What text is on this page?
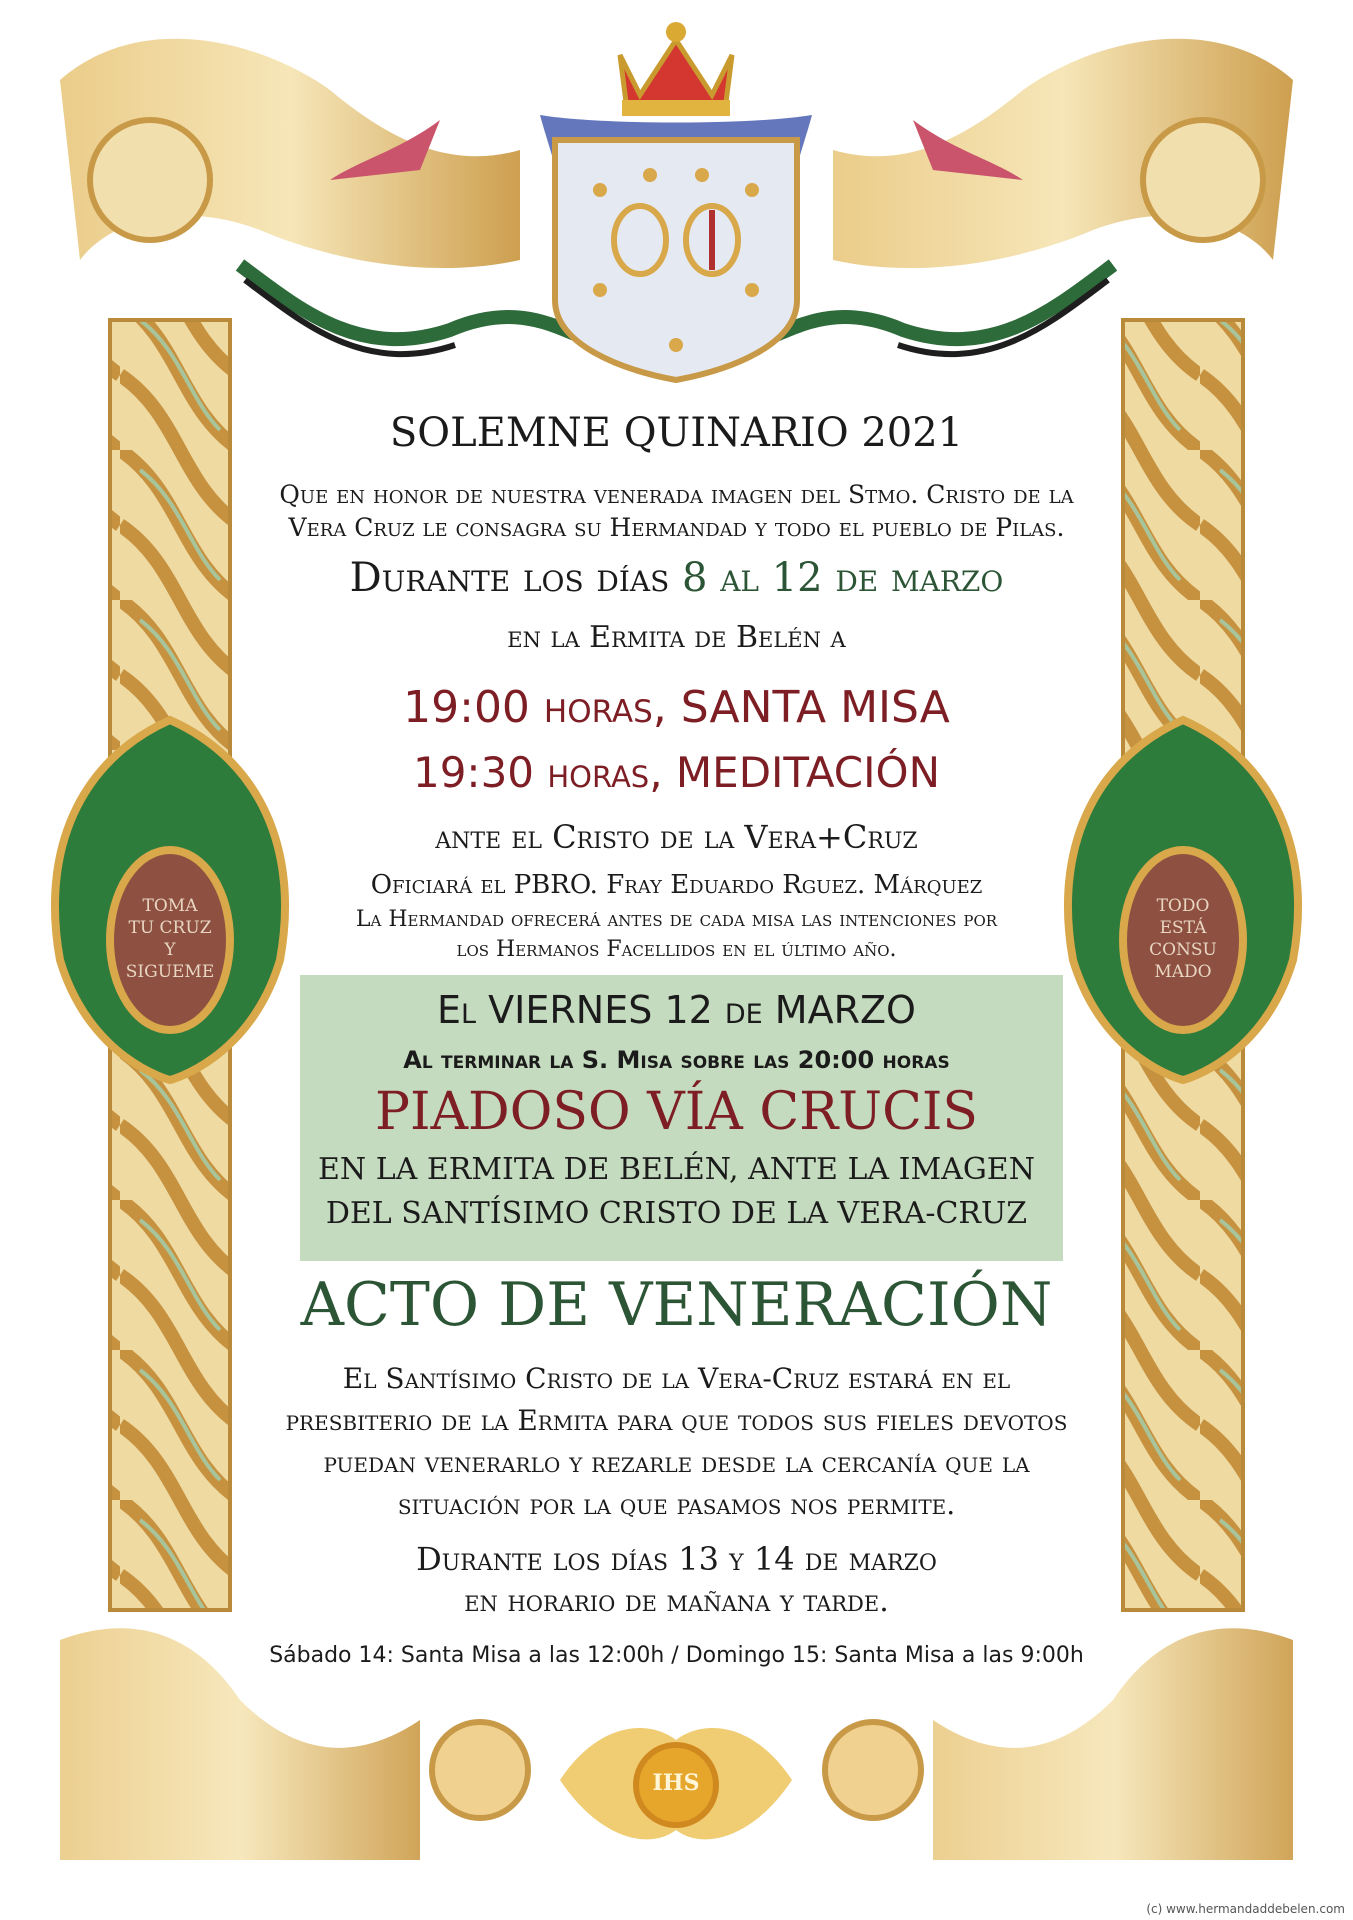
TOMA
TU CRUZ
Y
SIGUEME
TODO
ESTÁ
CONSU
MADO
IHS
SOLEMNE QUINARIO 2021
Que en honor de nuestra venerada imagen del Stmo. Cristo de la
Vera Cruz le consagra su Hermandad y todo el pueblo de Pilas.
Durante los días 8 al 12 de marzo
en la Ermita de Belén a
19:00 horas, SANTA MISA
19:30 horas, MEDITACIÓN
ante el Cristo de la Vera+Cruz
Oficiará el PBRO. Fray Eduardo Rguez. Márquez
La Hermandad ofrecerá antes de cada misa las intenciones por
los Hermanos Facellidos en el último año.
El VIERNES 12 de MARZO
Al terminar la S. Misa sobre las 20:00 horas
PIADOSO VÍA CRUCIS
EN LA ERMITA DE BELÉN, ANTE LA IMAGEN
DEL SANTÍSIMO CRISTO DE LA VERA-CRUZ
ACTO DE VENERACIÓN
El Santísimo Cristo de la Vera-Cruz estará en el
presbiterio de la Ermita para que todos sus fieles devotos
puedan venerarlo y rezarle desde la cercanía que la
situación por la que pasamos nos permite.
Durante los días 13 y 14 de marzo
en horario de mañana y tarde.
Sábado 14: Santa Misa a las 12:00h / Domingo 15: Santa Misa a las 9:00h
(c) www.hermandaddebelen.com
